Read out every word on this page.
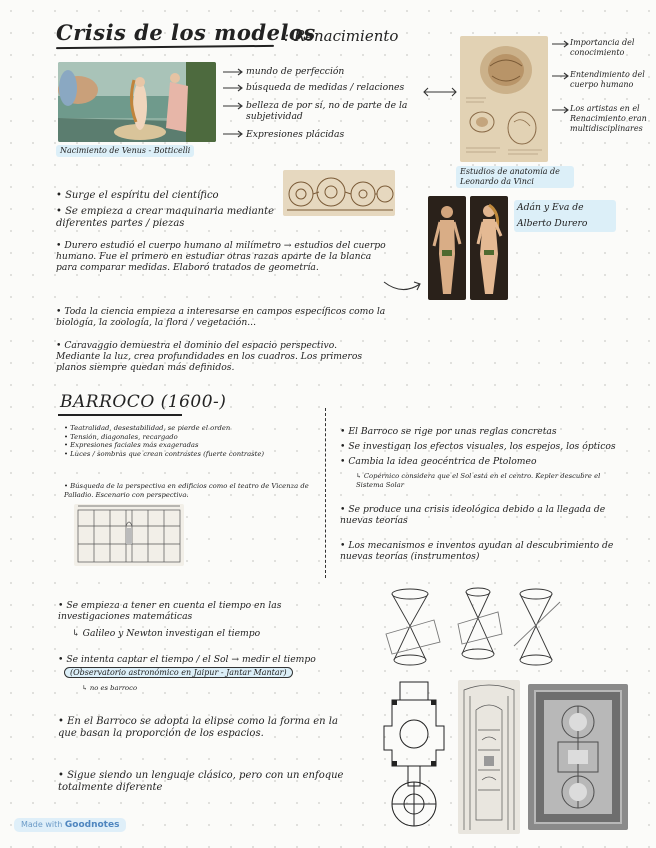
Crisis de los modelos
: Renacimiento
Nacimiento de Venus - Botticelli
mundo de perfección
búsqueda de medidas / relaciones
belleza de por sí, no de parte de la subjetividad
Expresiones plácidas
Estudios de anatomía de Leonardo da Vinci
Importancia del conocimiento
Entendimiento del cuerpo humano
Los artistas en el Renacimiento eran multidisciplinares
Adán y Eva de Alberto Durero
• Surge el espíritu del científico
• Se empieza a crear maquinaria mediante diferentes partes / piezas
• Durero estudió el cuerpo humano al milímetro → estudios del cuerpo humano. Fue el primero en estudiar otras razas aparte de la blanca para comparar medidas. Elaboró tratados de geometría.
• Toda la ciencia empieza a interesarse en campos específicos como la biología, la zoología, la flora / vegetación...
• Caravaggio demuestra el dominio del espacio perspectivo. Mediante la luz, crea profundidades en los cuadros. Los primeros planos siempre quedan más definidos.
BARROCO (1600-)
• Teatralidad, desestabilidad, se pierde el orden
• Tensión, diagonales, recargado
• Expresiones faciales más exageradas
• Luces / sombras que crean contrastes (fuerte contraste)
• Búsqueda de la perspectiva en edificios como el teatro de Vicenza de Palladio. Escenario con perspectiva.
• El Barroco se rige por unas reglas concretas
• Se investigan los efectos visuales, los espejos, los ópticos
• Cambia la idea geocéntrica de Ptolomeo
↳ Copérnico considera que el Sol está en el centro. Kepler descubre el Sistema Solar
• Se produce una crisis ideológica debido a la llegada de nuevas teorías
• Los mecanismos e inventos ayudan al descubrimiento de nuevas teorías (instrumentos)
• Se empieza a tener en cuenta el tiempo en las investigaciones matemáticas
↳ Galileo y Newton investigan el tiempo
• Se intenta captar el tiempo / el Sol → medir el tiempo
(Observatorio astronómico en Jaipur - Jantar Mantar)
↳ no es barroco
• En el Barroco se adopta la elipse como la forma en la que basan la proporción de los espacios.
• Sigue siendo un lenguaje clásico, pero con un enfoque totalmente diferente
Made with Goodnotes
